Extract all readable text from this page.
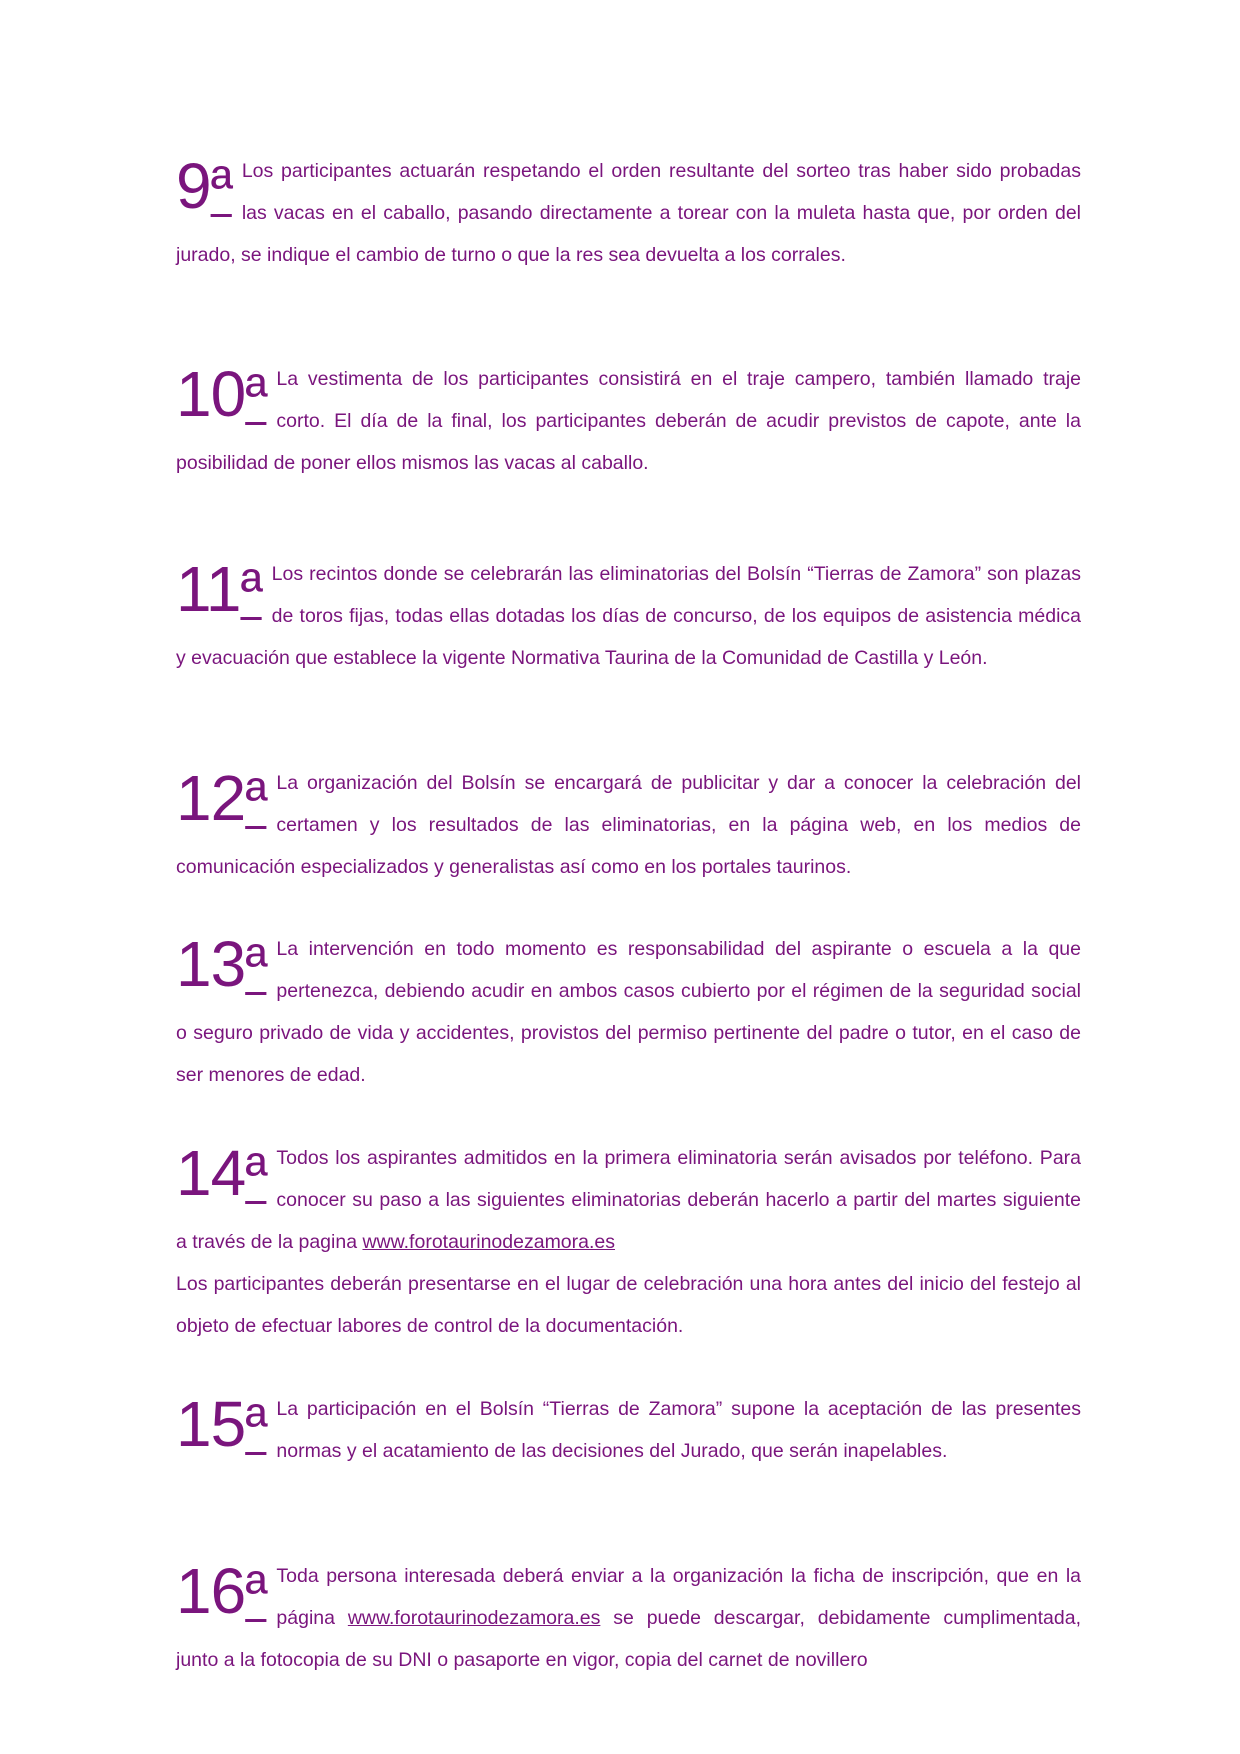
9ª Los participantes actuarán respetando el orden resultante del sorteo tras haber sido probadas las vacas en el caballo, pasando directamente a torear con la muleta hasta que, por orden del jurado, se indique el cambio de turno o que la res sea devuelta a los corrales.

10ª La vestimenta de los participantes consistirá en el traje campero, también llamado traje corto. El día de la final, los participantes deberán de acudir previstos de capote, ante la posibilidad de poner ellos mismos las vacas al caballo.

11ª Los recintos donde se celebrarán las eliminatorias del Bolsín “Tierras de Zamora” son plazas de toros fijas, todas ellas dotadas los días de concurso, de los equipos de asistencia médica y evacuación que establece la vigente Normativa Taurina de la Comunidad de Castilla y León.

12ª La organización del Bolsín se encargará de publicitar y dar a conocer la celebración del certamen y los resultados de las eliminatorias, en la página web, en los medios de comunicación especializados y generalistas así como en los portales taurinos.

13ª La intervención en todo momento es responsabilidad del aspirante o escuela a la que pertenezca, debiendo acudir en ambos casos cubierto por el régimen de la seguridad social o seguro privado de vida y accidentes, provistos del permiso pertinente del padre o tutor, en el caso de ser menores de edad.

14ª Todos los aspirantes admitidos en la primera eliminatoria serán avisados por teléfono. Para conocer su paso a las siguientes eliminatorias deberán hacerlo a partir del martes siguiente a través de la pagina www.forotaurinodezamora.es

Los participantes deberán presentarse en el lugar de celebración una hora antes del inicio del festejo al objeto de efectuar labores de control de la documentación.

15ª La participación en el Bolsín “Tierras de Zamora” supone la aceptación de las presentes normas y el acatamiento de las decisiones del Jurado, que serán inapelables.

16ª Toda persona interesada deberá enviar a la organización la ficha de inscripción, que en la página www.forotaurinodezamora.es se puede descargar, debidamente cumplimentada, junto a la fotocopia de su DNI o pasaporte en vigor, copia del carnet de novillero
